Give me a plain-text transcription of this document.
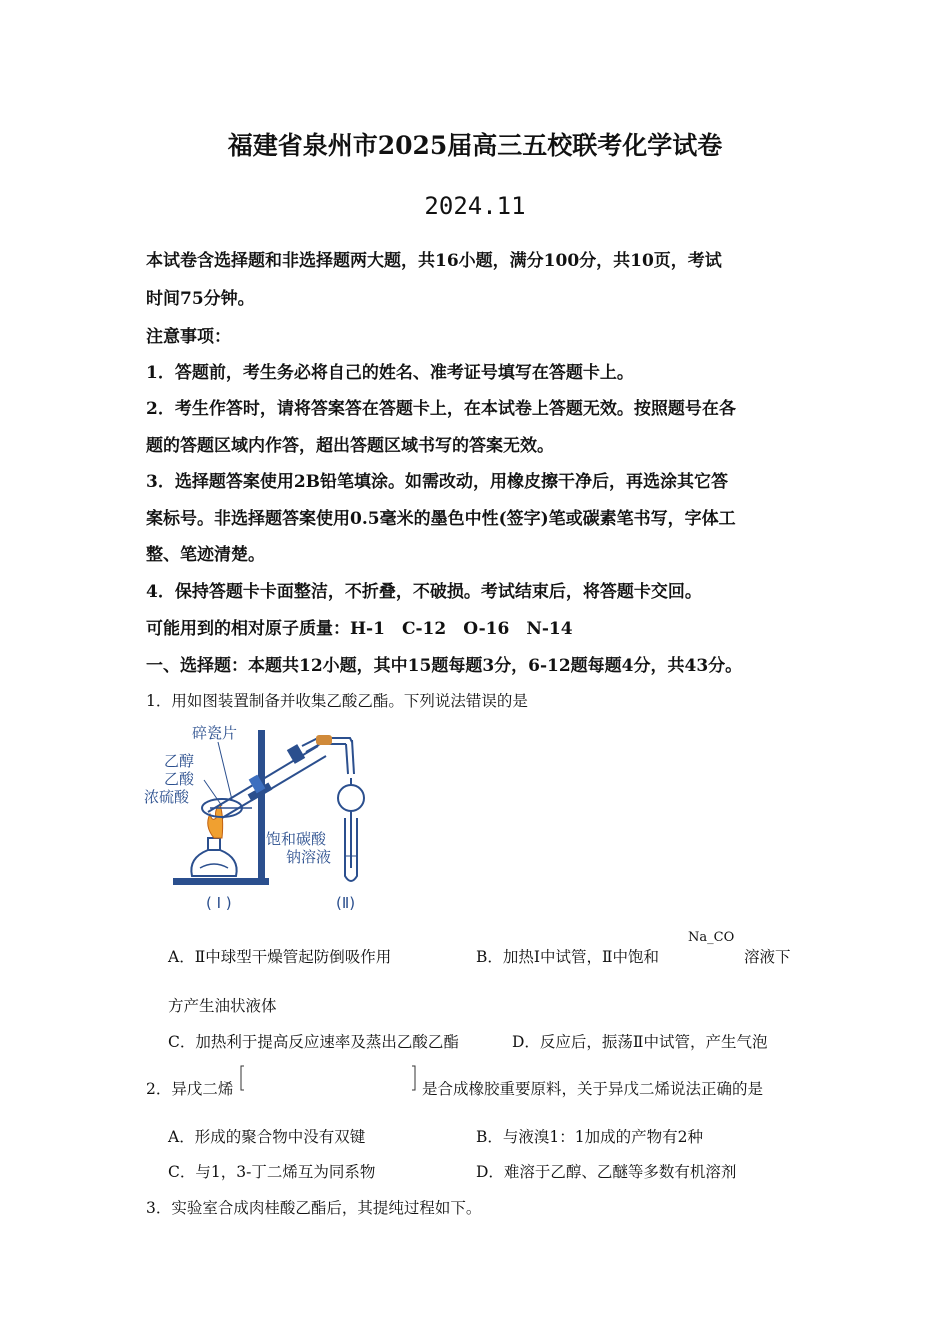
福建省泉州市2025届高三五校联考化学试卷
2024.11
本试卷含选择题和非选择题两大题，共16小题，满分100分，共10页，考试
时间75分钟。
注意事项：
1．答题前，考生务必将自己的姓名、准考证号填写在答题卡上。
2．考生作答时，请将答案答在答题卡上，在本试卷上答题无效。按照题号在各
题的答题区域内作答，超出答题区域书写的答案无效。
3．选择题答案使用2B铅笔填涂。如需改动，用橡皮擦干净后，再选涂其它答
案标号。非选择题答案使用0.5毫米的墨色中性(签字)笔或碳素笔书写，字体工
整、笔迹清楚。
4．保持答题卡卡面整洁，不折叠，不破损。考试结束后，将答题卡交回。
可能用到的相对原子质量：H-1　C-12　O-16　N-14
一、选择题：本题共12小题，其中15题每题3分，6-12题每题4分，共43分。
1．用如图装置制备并收集乙酸乙酯。下列说法错误的是
碎瓷片
乙醇
乙酸
浓硫酸
饱和碳酸
钠溶液
( I )	(Ⅱ)
A．Ⅱ中球型干燥管起防倒吸作用	B．加热Ⅰ中试管，Ⅱ中饱和
Na_CO
溶液下
方产生油状液体
C．加热利于提高反应速率及蒸出乙酸乙酯	D．反应后，振荡Ⅱ中试管，产生气泡
2．异戊二烯	是合成橡胶重要原料，关于异戊二烯说法正确的是
A．形成的聚合物中没有双键	B．与液溴1：1加成的产物有2种
C．与1，3-丁二烯互为同系物	D．难溶于乙醇、乙醚等多数有机溶剂
3．实验室合成肉桂酸乙酯后，其提纯过程如下。
